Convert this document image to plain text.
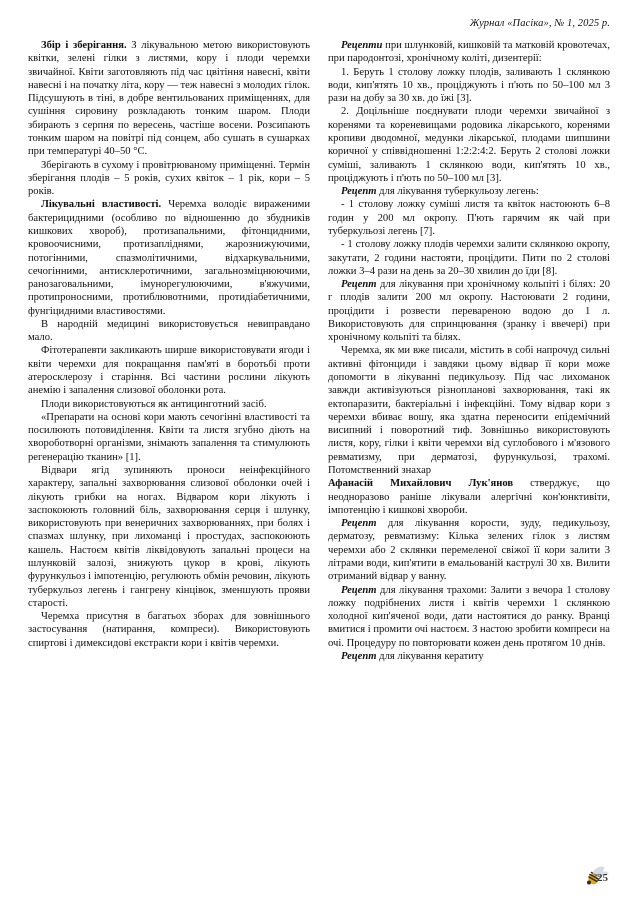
Журнал «Пасіка», № 1, 2025 р.

Збір і зберігання. З лікувальною метою використовують квітки, зелені гілки з листями, кору і плоди черемхи звичайної. Квіти заготовляють під час цвітіння навесні, квіти навесні і на початку літа, кору — теж навесні з молодих гілок. Підсушують в тіні, в добре вентильованих приміщеннях, для сушіння сировину розкладають тонким шаром. Плоди збирають з серпня по вересень, частіше восени. Розсипають тонким шаром на повітрі під сонцем, або сушать в сушарках при температурі 40–50 °С.

Зберігають в сухому і провітрюваному приміщенні. Термін зберігання плодів – 5 років, сухих квіток – 1 рік, кори – 5 років.

Лікувальні властивості. Черемха володіє вираженими бактерицидними (особливо по відношенню до збудників кишкових хвороб), протизапальними, фітонцидними, кровоочисними, протизапліднями, жарознижуючими, потогінними, спазмолітичними, відхаркувальними, сечогінними, антисклеротичними, загальнозміцнюючими, ранозаговальними, імунорегулюючими, в'яжучими, протипроносними, протиблювотними, протидіабетичними, фунгіцидними властивостями.

В народній медицині використовується невиправдано мало.

Фітотерапевти закликають ширше використовувати ягоди і квіти черемхи для покращання пам'яті в боротьбі проти атеросклерозу і старіння. Всі частини рослини лікують анемію і запалення слизової оболонки рота.

Плоди використовуються як антицинготний засіб.

«Препарати на основі кори мають сечогінні властивості та посилюють потовиділення. Квіти та листя згубно діють на хвороботворні організми, знімають запалення та стимулюють регенерацію тканин» [1].

Відвари ягід зупиняють проноси неінфекційного характеру, запальні захворювання слизової оболонки очей і лікують грибки на ногах. Відваром кори лікують і заспокоюють головний біль, захворювання серця і шлунку, використовують при венеричних захворюваннях, при болях і спазмах шлунку, при лихоманці і простудах, заспокоюють кашель. Настоєм квітів ліквідовують запальні процеси на шлунковій залозі, знижують цукор в крові, лікують фурункульоз і імпотенцію, регулюють обмін речовин, лікують туберкульоз легень і гангрену кінцівок, зменшують прояви старості.

Черемха присутня в багатьох зборах для зовнішнього застосування (натирання, компреси). Використовують спиртові і димексидові екстракти кори і квітів черемхи.

Рецепти при шлунковій, кишковій та матковій кровотечах, при пародонтозі, хронічному коліті, дизентерії:

1. Беруть 1 столову ложку плодів, заливають 1 склянкою води, кип'ятять 10 хв., проціджують і п'ють по 50–100 мл 3 рази на добу за 30 хв. до їжі [3].

2. Доцільніше поєднувати плоди черемхи звичайної з коренями та кореневищами родовика лікарського, коренями кропиви дводомної, медунки лікарської, плодами шипшини коричної у співвідношенні 1:2:2:4:2. Беруть 2 столові ложки суміші, заливають 1 склянкою води, кип'ятять 10 хв., проціджують і п'ють по 50–100 мл [3].

Рецепт для лікування туберкульозу легень:

- 1 столову ложку суміші листя та квіток настоюють 6–8 годин у 200 мл окропу. П'ють гарячим як чай при туберкульозі легень [7].

- 1 столову ложку плодів черемхи залити склянкою окропу, закутати, 2 години настояти, процідити. Пити по 2 столові ложки 3–4 рази на день за 20–30 хвилин до їди [8].

Рецепт для лікування при хронічному кольпіті і білях: 20 г плодів залити 200 мл окропу. Настоювати 2 години, процідити і розвести перевареною водою до 1 л. Використовують для спринцювання (зранку і ввечері) при хронічному кольпіті та білях.

Черемха, як ми вже писали, містить в собі напрочуд сильні активні фітонциди і завдяки цьому відвар її кори може допомогти в лікуванні педикульозу. Під час лихоманок завжди активізуються різнопланові захворювання, такі як ектопаразити, бактеріальні і інфекційні. Тому відвар кори з черемхи вбиває вошу, яка здатна переносити епідемічний висипний і поворотний тиф. Зовнішньо використовують листя, кору, гілки і квіти черемхи від суглобового і м'язового ревматизму, при дерматозі, фурункульозі, трахомі. Потомственний знахар

Афанасій Михайлович Лук'янов стверджує, що неодноразово раніше лікували алергічні кон'юнктивіти, імпотенцію і кишкові хвороби.

Рецепт для лікування корости, зуду, педикульозу, дерматозу, ревматизму: Кілька зелених гілок з листям черемхи або 2 склянки перемеленої свіжої її кори залити 3 літрами води, кип'ятити в емальованій каструлі 30 хв. Вилити отриманий відвар у ванну.

Рецепт для лікування трахоми: Залити з вечора 1 столову ложку подрібнених листя і квітів черемхи 1 склянкою холодної кип'яченої води, дати настоятися до ранку. Вранці вмитися і промити очі настоєм. З настою зробити компреси на очі. Процедуру по повторювати кожен день протягом 10 днів.

Рецепт для лікування кератиту

25
